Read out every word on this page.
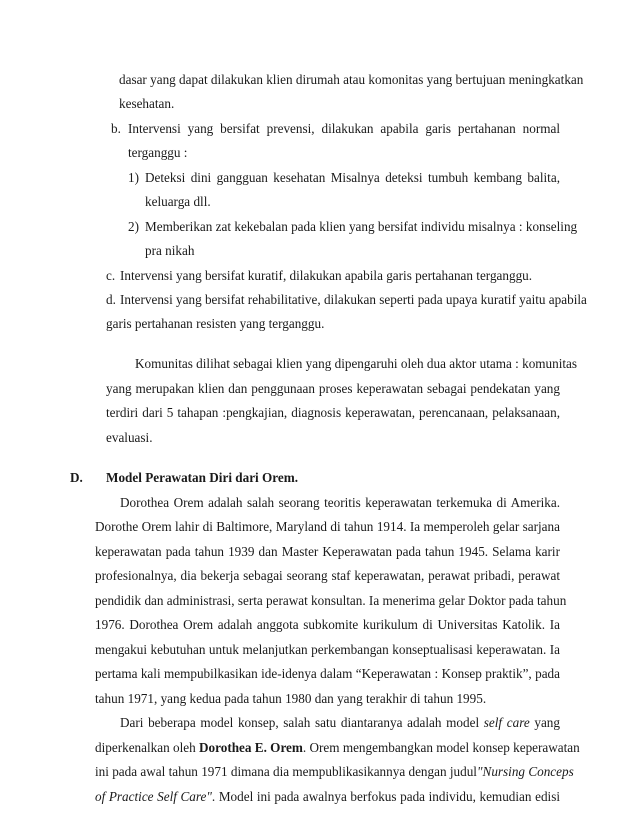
dasar yang dapat dilakukan klien dirumah atau komonitas yang bertujuan meningkatkan
kesehatan.
b. Intervensi yang bersifat prevensi, dilakukan apabila garis pertahanan normal
terganggu :
1) Deteksi dini gangguan kesehatan Misalnya deteksi tumbuh kembang balita,
keluarga dll.
2) Memberikan zat kekebalan pada klien yang bersifat individu misalnya : konseling
pra nikah
c. Intervensi yang bersifat kuratif, dilakukan apabila garis pertahanan terganggu.
d. Intervensi yang bersifat rehabilitative, dilakukan seperti pada upaya kuratif yaitu apabila
garis pertahanan resisten yang terganggu.
Komunitas dilihat sebagai klien yang dipengaruhi oleh dua aktor utama : komunitas
yang merupakan klien dan penggunaan proses keperawatan sebagai pendekatan yang
terdiri dari 5 tahapan :pengkajian, diagnosis keperawatan, perencanaan, pelaksanaan,
evaluasi.
D. Model Perawatan Diri dari Orem.
Dorothea Orem adalah salah seorang teoritis keperawatan terkemuka di Amerika.
Dorothe Orem lahir di Baltimore, Maryland di tahun 1914. Ia memperoleh gelar sarjana
keperawatan pada tahun 1939 dan Master Keperawatan pada tahun 1945. Selama karir
profesionalnya, dia bekerja sebagai seorang staf keperawatan, perawat pribadi, perawat
pendidik dan administrasi, serta perawat konsultan. Ia menerima gelar Doktor pada tahun
1976. Dorothea Orem adalah anggota subkomite kurikulum di Universitas Katolik. Ia
mengakui kebutuhan untuk melanjutkan perkembangan konseptualisasi keperawatan. Ia
pertama kali mempubilkasikan ide-idenya dalam “Keperawatan : Konsep praktik”, pada
tahun 1971, yang kedua pada tahun 1980 dan yang terakhir di tahun 1995.
Dari beberapa model konsep, salah satu diantaranya adalah model self care yang
diperkenalkan oleh Dorothea E. Orem. Orem mengembangkan model konsep keperawatan
ini pada awal tahun 1971 dimana dia mempublikasikannya dengan judul"Nursing Conceps
of Practice Self Care". Model ini pada awalnya berfokus pada individu, kemudian edisi
